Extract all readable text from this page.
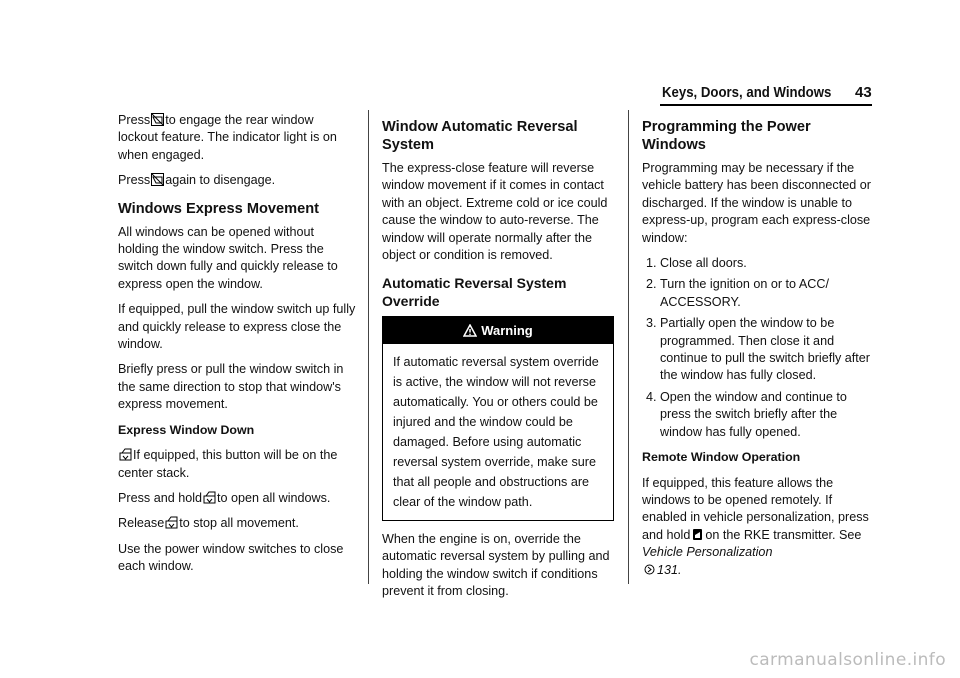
Keys, Doors, and Windows 43

Press to engage the rear window lockout feature. The indicator light is on when engaged.

Press again to disengage.

Windows Express Movement

All windows can be opened without holding the window switch. Press the switch down fully and quickly release to express open the window.

If equipped, pull the window switch up fully and quickly release to express close the window.

Briefly press or pull the window switch in the same direction to stop that window's express movement.

Express Window Down

If equipped, this button will be on the center stack.

Press and hold to open all windows.

Release to stop all movement.

Use the power window switches to close each window.

Window Automatic Reversal System

The express-close feature will reverse window movement if it comes in contact with an object. Extreme cold or ice could cause the window to auto-reverse. The window will operate normally after the object or condition is removed.

Automatic Reversal System Override
Warning
If automatic reversal system override is active, the window will not reverse automatically. You or others could be injured and the window could be damaged. Before using automatic reversal system override, make sure that all people and obstructions are clear of the window path.

When the engine is on, override the automatic reversal system by pulling and holding the window switch if conditions prevent it from closing.

Programming the Power Windows

Programming may be necessary if the vehicle battery has been disconnected or discharged. If the window is unable to express-up, program each express-close window:

1. Close all doors.
2. Turn the ignition on or to ACC/ ACCESSORY.
3. Partially open the window to be programmed. Then close it and continue to pull the switch briefly after the window has fully closed.
4. Open the window and continue to press the switch briefly after the window has fully opened.
Remote Window Operation

If equipped, this feature allows the windows to be opened remotely. If enabled in vehicle personalization, press and hold on the RKE transmitter. See Vehicle Personalization
131.

carmanualsonline.info
